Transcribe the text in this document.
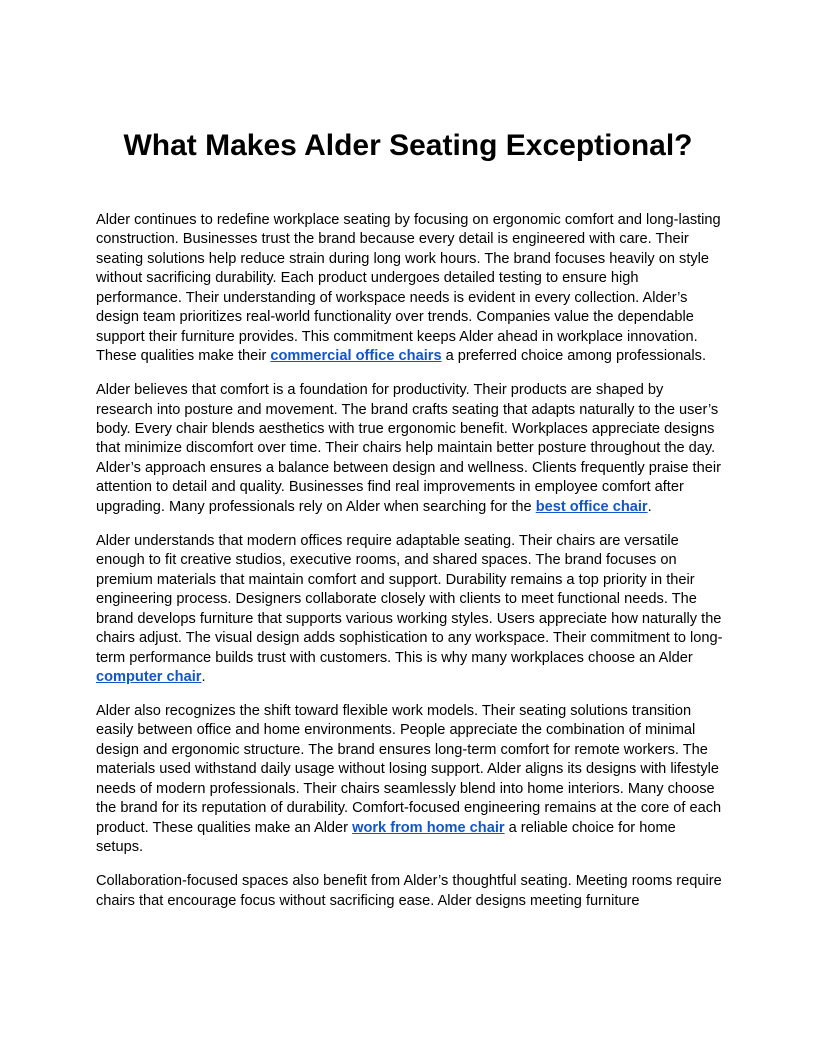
What Makes Alder Seating Exceptional?

Alder continues to redefine workplace seating by focusing on ergonomic comfort and long-lasting construction. Businesses trust the brand because every detail is engineered with care. Their seating solutions help reduce strain during long work hours. The brand focuses heavily on style without sacrificing durability. Each product undergoes detailed testing to ensure high performance. Their understanding of workspace needs is evident in every collection. Alder’s design team prioritizes real-world functionality over trends. Companies value the dependable support their furniture provides. This commitment keeps Alder ahead in workplace innovation. These qualities make their commercial office chairs a preferred choice among professionals.

Alder believes that comfort is a foundation for productivity. Their products are shaped by research into posture and movement. The brand crafts seating that adapts naturally to the user’s body. Every chair blends aesthetics with true ergonomic benefit. Workplaces appreciate designs that minimize discomfort over time. Their chairs help maintain better posture throughout the day. Alder’s approach ensures a balance between design and wellness. Clients frequently praise their attention to detail and quality. Businesses find real improvements in employee comfort after upgrading. Many professionals rely on Alder when searching for the best office chair.

Alder understands that modern offices require adaptable seating. Their chairs are versatile enough to fit creative studios, executive rooms, and shared spaces. The brand focuses on premium materials that maintain comfort and support. Durability remains a top priority in their engineering process. Designers collaborate closely with clients to meet functional needs. The brand develops furniture that supports various working styles. Users appreciate how naturally the chairs adjust. The visual design adds sophistication to any workspace. Their commitment to long-term performance builds trust with customers. This is why many workplaces choose an Alder computer chair.

Alder also recognizes the shift toward flexible work models. Their seating solutions transition easily between office and home environments. People appreciate the combination of minimal design and ergonomic structure. The brand ensures long-term comfort for remote workers. The materials used withstand daily usage without losing support. Alder aligns its designs with lifestyle needs of modern professionals. Their chairs seamlessly blend into home interiors. Many choose the brand for its reputation of durability. Comfort-focused engineering remains at the core of each product. These qualities make an Alder work from home chair a reliable choice for home setups.

Collaboration-focused spaces also benefit from Alder’s thoughtful seating. Meeting rooms require chairs that encourage focus without sacrificing ease. Alder designs meeting furniture
